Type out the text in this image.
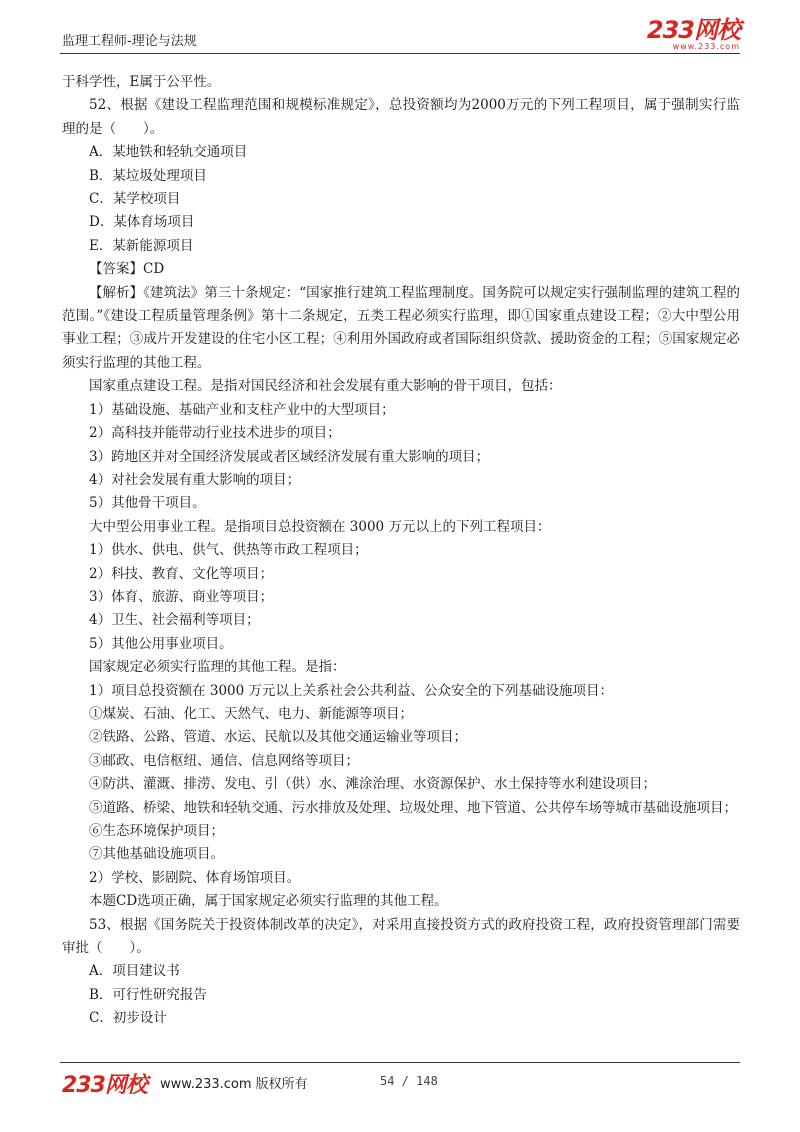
监理工程师-理论与法规	233网校
www.233.com

于科学性，E属于公平性。

52、根据《建设工程监理范围和规模标准规定》，总投资额均为2000万元的下列工程项目，属于强制实行监理的是（　　）。

A．某地铁和轻轨交通项目

B．某垃圾处理项目

C．某学校项目

D．某体育场项目

E．某新能源项目

【答案】CD

【解析】《建筑法》第三十条规定：“国家推行建筑工程监理制度。国务院可以规定实行强制监理的建筑工程的范围。”《建设工程质量管理条例》第十二条规定，五类工程必须实行监理，即①国家重点建设工程；②大中型公用事业工程；③成片开发建设的住宅小区工程；④利用外国政府或者国际组织贷款、援助资金的工程；⑤国家规定必须实行监理的其他工程。

国家重点建设工程。是指对国民经济和社会发展有重大影响的骨干项目，包括：

1）基础设施、基础产业和支柱产业中的大型项目；

2）高科技并能带动行业技术进步的项目；

3）跨地区并对全国经济发展或者区域经济发展有重大影响的项目；

4）对社会发展有重大影响的项目；

5）其他骨干项目。

大中型公用事业工程。是指项目总投资额在 3000 万元以上的下列工程项目：

1）供水、供电、供气、供热等市政工程项目；

2）科技、教育、文化等项目；

3）体育、旅游、商业等项目；

4）卫生、社会福利等项目；

5）其他公用事业项目。

国家规定必须实行监理的其他工程。是指：

1）项目总投资额在 3000 万元以上关系社会公共利益、公众安全的下列基础设施项目：

①煤炭、石油、化工、天然气、电力、新能源等项目；

②铁路、公路、管道、水运、民航以及其他交通运输业等项目；

③邮政、电信枢纽、通信、信息网络等项目；

④防洪、灌溉、排涝、发电、引（供）水、滩涂治理、水资源保护、水土保持等水利建设项目；

⑤道路、桥梁、地铁和轻轨交通、污水排放及处理、垃圾处理、地下管道、公共停车场等城市基础设施项目；

⑥生态环境保护项目；

⑦其他基础设施项目。

2）学校、影剧院、体育场馆项目。

本题CD选项正确，属于国家规定必须实行监理的其他工程。

53、根据《国务院关于投资体制改革的决定》，对采用直接投资方式的政府投资工程，政府投资管理部门需要审批（　　）。

A．项目建议书

B．可行性研究报告

C．初步设计

233网校 www.233.com 版权所有	54 / 148
